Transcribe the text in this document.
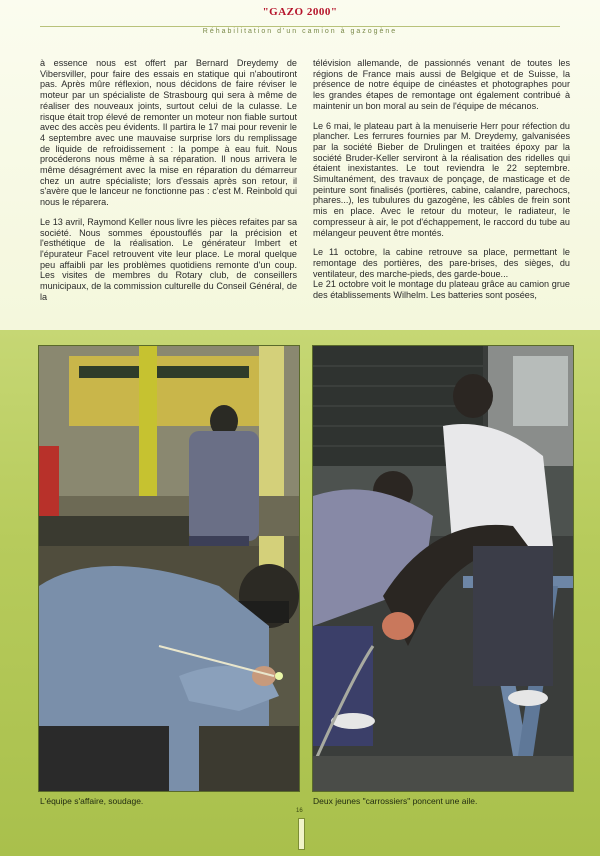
"GAZO 2000"
Réhabilitation d'un camion à gazogène

à essence nous est offert par Bernard Dreydemy de Vibersviller, pour faire des essais en statique qui n'aboutiront pas. Après mûre réflexion, nous décidons de faire réviser le moteur par un spécialiste de Strasbourg qui sera à même de réaliser des nouveaux joints, surtout celui de la culasse. Le risque était trop élevé de remonter un moteur non fiable surtout avec des accès peu évidents. Il partira le 17 mai pour revenir le 4 septembre avec une mauvaise surprise lors du remplissage de liquide de refroidissement : la pompe à eau fuit. Nous procéderons nous même à sa réparation. Il nous arrivera le même désagrément avec la mise en réparation du démarreur chez un autre spécialiste; lors d'essais après son retour, il s'avère que le lanceur ne fonctionne pas : c'est M. Reinbold qui nous le réparera.

Le 13 avril, Raymond Keller nous livre les pièces refaites par sa société. Nous sommes époustouflés par la précision et l'esthétique de la réalisation. Le générateur Imbert et l'épurateur Facel retrouvent vite leur place. Le moral quelque peu affaibli par les problèmes quotidiens remonte d'un coup. Les visites de membres du Rotary club, de conseillers municipaux, de la commission culturelle du Conseil Général, de la

télévision allemande, de passionnés venant de toutes les régions de France mais aussi de Belgique et de Suisse, la présence de notre équipe de cinéastes et photographes pour les grandes étapes de remontage ont également contribué à maintenir un bon moral au sein de l'équipe de mécanos.

Le 6 mai, le plateau part à la menuiserie Herr pour réfection du plancher. Les ferrures fournies par M. Dreydemy, galvanisées par la société Bieber de Drulingen et traitées époxy par la société Bruder-Keller serviront à la réalisation des ridelles qui étaient inexistantes. Le tout reviendra le 22 septembre. Simultanément, des travaux de ponçage, de masticage et de peinture sont finalisés (portières, cabine, calandre, parechocs, phares...), les tubulures du gazogène, les câbles de frein sont mis en place. Avec le retour du moteur, le radiateur, le compresseur à air, le pot d'échappement, le raccord du tube au mélangeur peuvent être montés.

Le 11 octobre, la cabine retrouve sa place, permettant le remontage des portières, des pare-brises, des sièges, du ventilateur, des marche-pieds, des garde-boue...

Le 21 octobre voit le montage du plateau grâce au camion grue des établissements Wilhelm. Les batteries sont posées,

L'équipe s'affaire, soudage.	Deux jeunes "carrossiers" poncent une aile.
16
